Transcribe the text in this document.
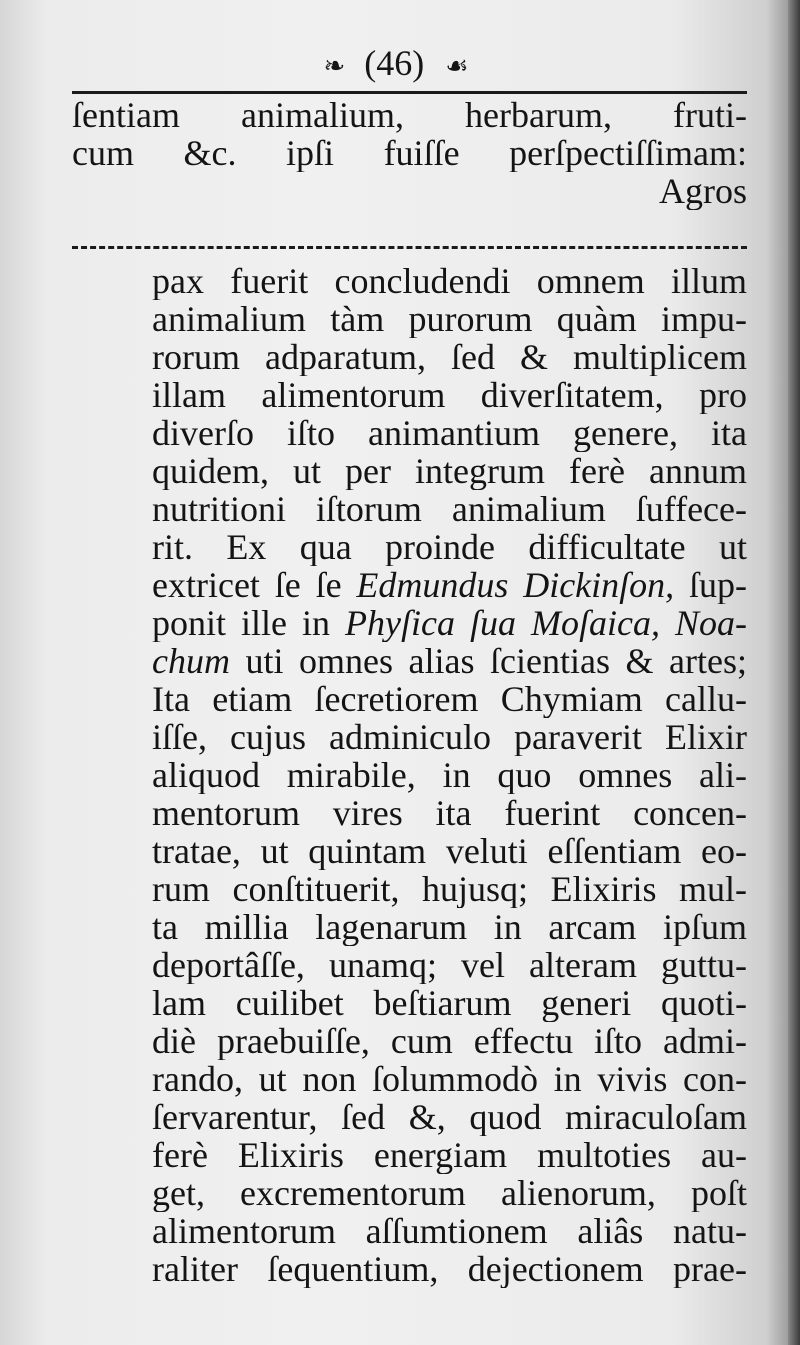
❧ (46) ☙
ſentiam animalium, herbarum, fruti-
cum &c. ipſi fuiſſe perſpectiſſimam:
Agros
pax fuerit concludendi omnem illum
animalium tàm purorum quàm impu-
rorum adparatum, ſed & multiplicem
illam alimentorum diverſitatem, pro
diverſo iſto animantium genere, ita
quidem, ut per integrum ferè annum
nutritioni iſtorum animalium ſuffece-
rit. Ex qua proinde difficultate ut
extricet ſe ſe Edmundus Dickinſon, ſup-
ponit ille in Phyſica ſua Moſaica, Noa-
chum uti omnes alias ſcientias & artes;
Ita etiam ſecretiorem Chymiam callu-
iſſe, cujus adminiculo paraverit Elixir
aliquod mirabile, in quo omnes ali-
mentorum vires ita fuerint concen-
tratae, ut quintam veluti eſſentiam eo-
rum conſtituerit, hujusq; Elixiris mul-
ta millia lagenarum in arcam ipſum
deportâſſe, unamq; vel alteram guttu-
lam cuilibet beſtiarum generi quoti-
diè praebuiſſe, cum effectu iſto admi-
rando, ut non ſolummodò in vivis con-
ſervarentur, ſed &, quod miraculoſam
ferè Elixiris energiam multoties au-
get, excrementorum alienorum, poſt
alimentorum aſſumtionem aliâs natu-
raliter ſequentium, dejectionem prae-
